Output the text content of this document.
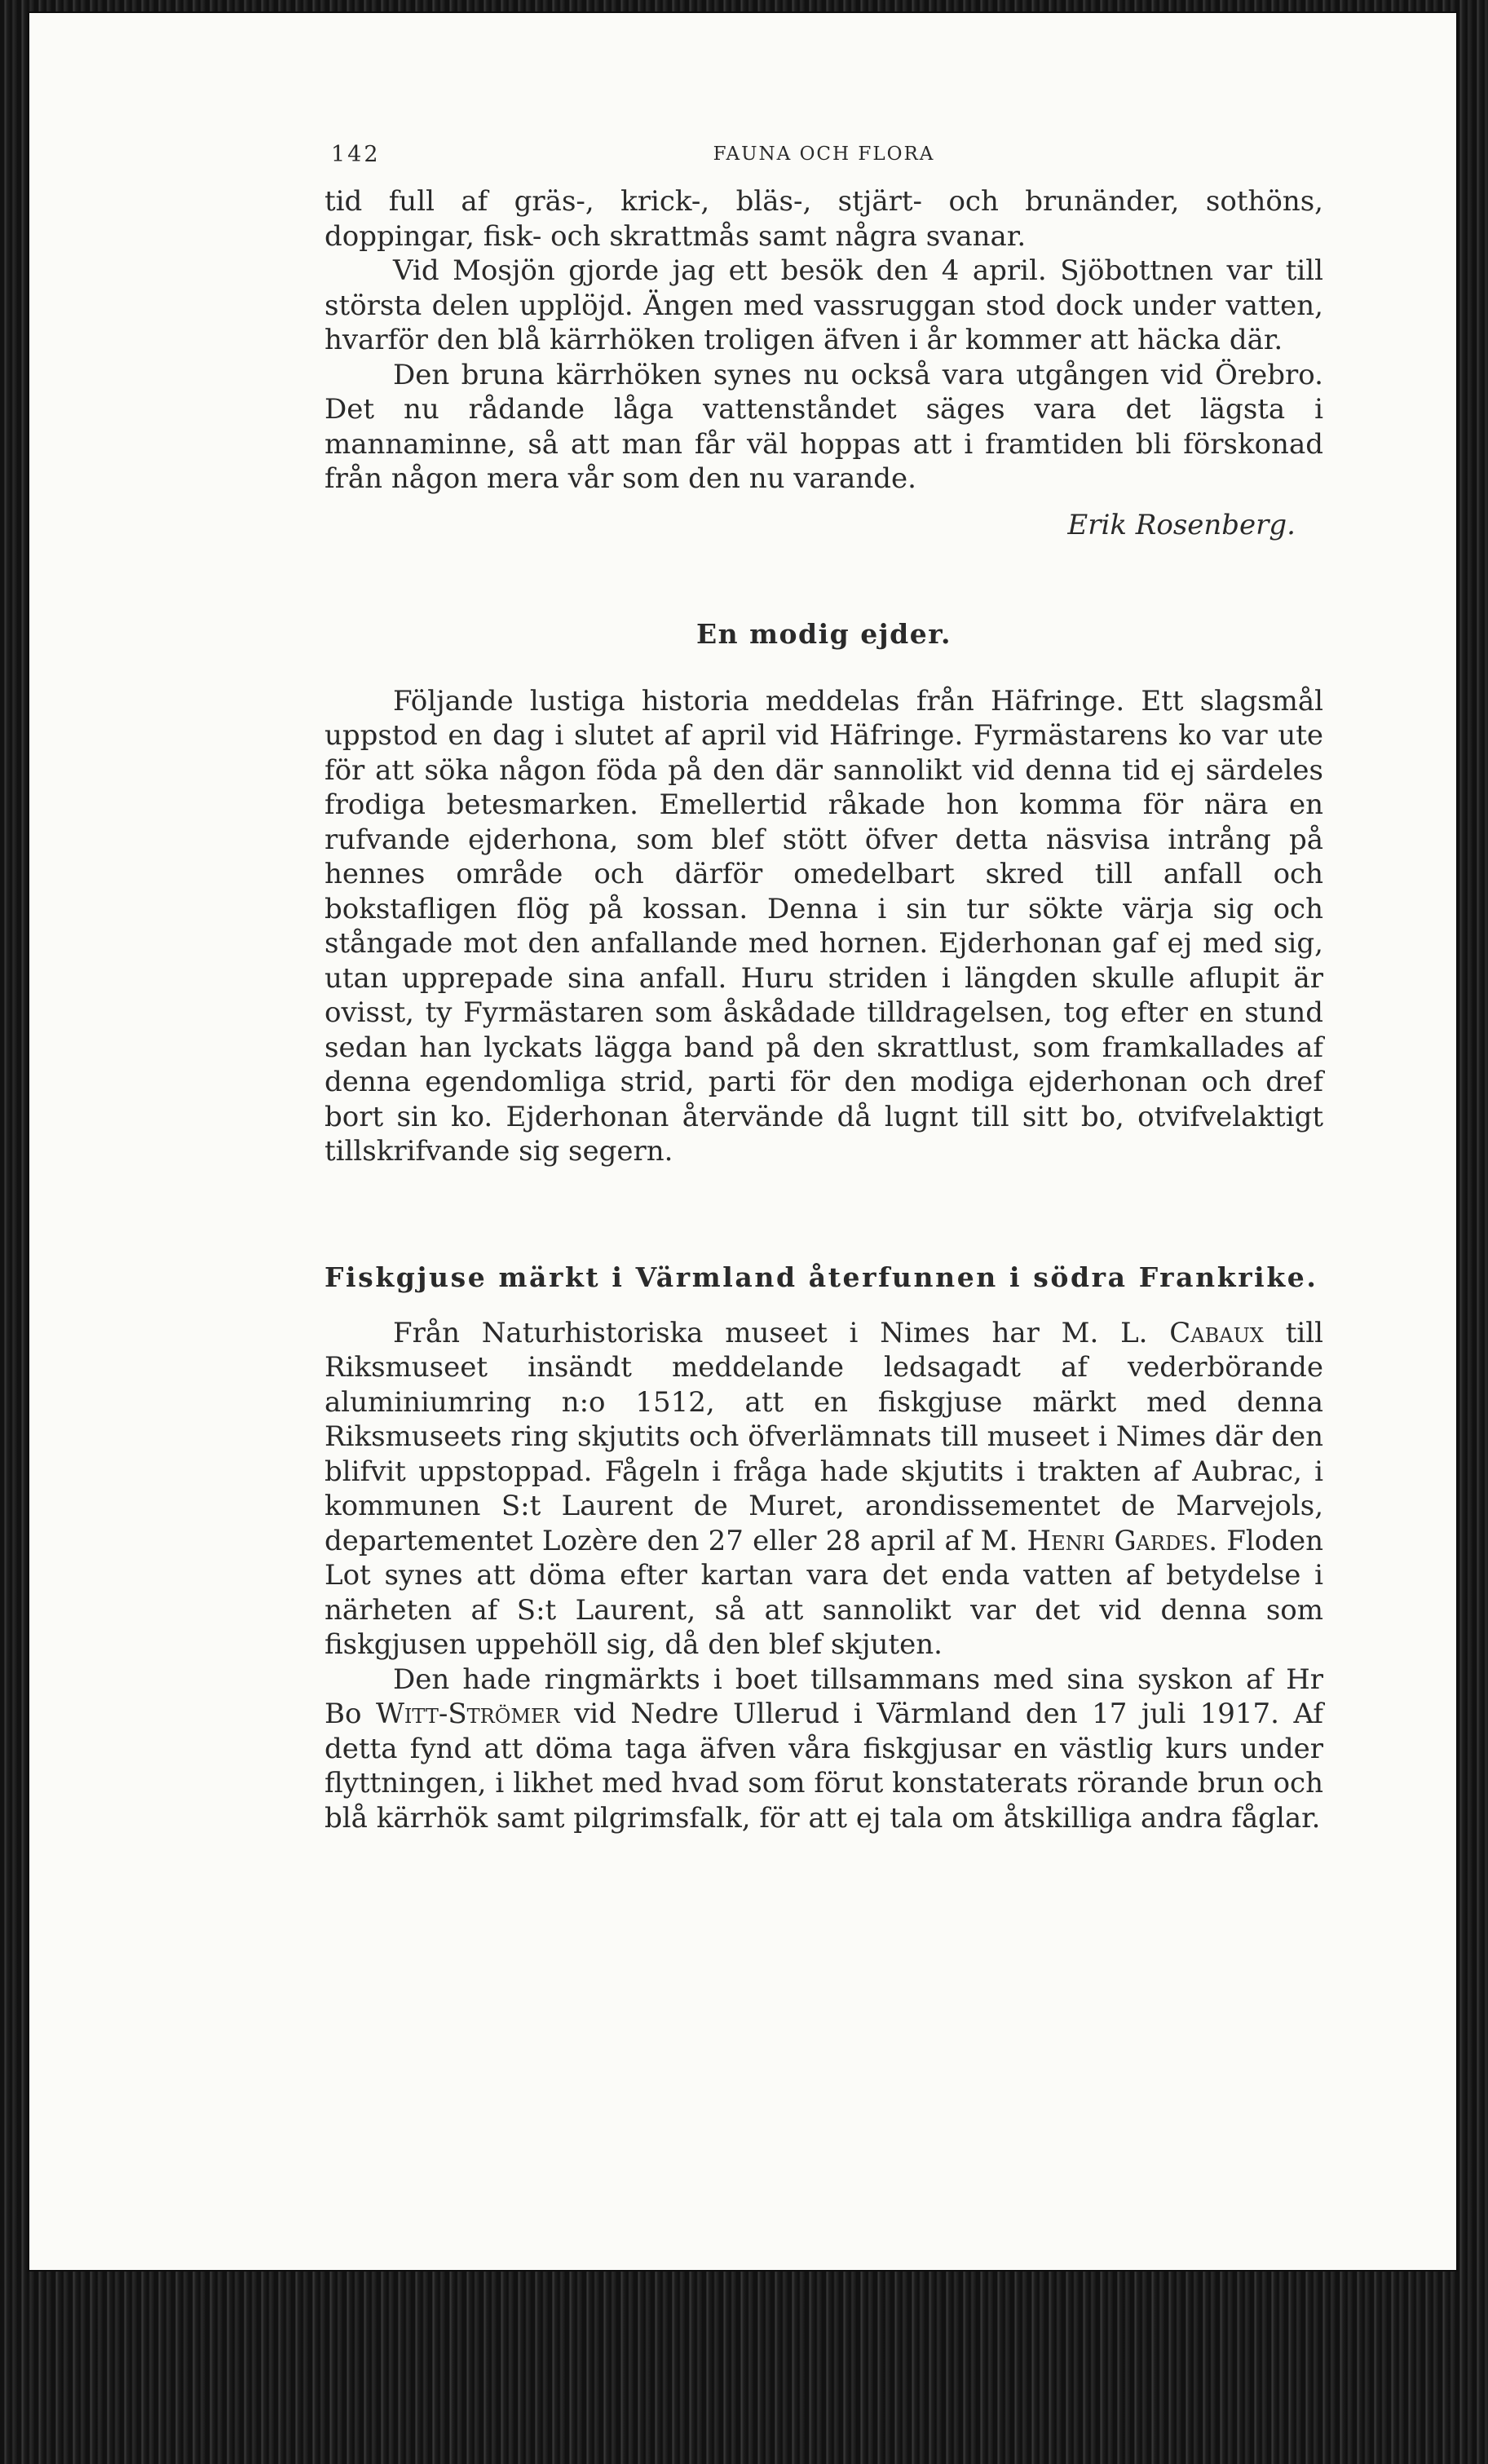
142	FAUNA OCH FLORA

tid full af gräs-, krick-, bläs-, stjärt- och brunänder, sothöns, doppingar, fisk- och skrattmås samt några svanar.

Vid Mosjön gjorde jag ett besök den 4 april. Sjöbottnen var till största delen upplöjd. Ängen med vassruggan stod dock under vatten, hvarför den blå kärrhöken troligen äfven i år kommer att häcka där.

Den bruna kärrhöken synes nu också vara utgången vid Örebro. Det nu rådande låga vattenståndet säges vara det lägsta i mannaminne, så att man får väl hoppas att i framtiden bli förskonad från någon mera vår som den nu varande.

Erik Rosenberg.
En modig ejder.

Följande lustiga historia meddelas från Häfringe. Ett slagsmål uppstod en dag i slutet af april vid Häfringe. Fyrmästarens ko var ute för att söka någon föda på den där sannolikt vid denna tid ej särdeles frodiga betesmarken. Emellertid råkade hon komma för nära en rufvande ejderhona, som blef stött öfver detta näsvisa intrång på hennes område och därför omedelbart skred till anfall och bokstafligen flög på kossan. Denna i sin tur sökte värja sig och stångade mot den anfallande med hornen. Ejderhonan gaf ej med sig, utan upprepade sina anfall. Huru striden i längden skulle aflupit är ovisst, ty Fyrmästaren som åskådade tilldragelsen, tog efter en stund sedan han lyckats lägga band på den skrattlust, som framkallades af denna egendomliga strid, parti för den modiga ejderhonan och dref bort sin ko. Ejderhonan återvände då lugnt till sitt bo, otvifvelaktigt tillskrifvande sig segern.

Fiskgjuse märkt i Värmland återfunnen i södra Frankrike.

Från Naturhistoriska museet i Nimes har M. L. Cabaux till Riksmuseet insändt meddelande ledsagadt af vederbörande aluminiumring n:o 1512, att en fiskgjuse märkt med denna Riksmuseets ring skjutits och öfverlämnats till museet i Nimes där den blifvit uppstoppad. Fågeln i fråga hade skjutits i trakten af Aubrac, i kommunen S:t Laurent de Muret, arondissementet de Marvejols, departementet Lozère den 27 eller 28 april af M. Henri Gardes. Floden Lot synes att döma efter kartan vara det enda vatten af betydelse i närheten af S:t Laurent, så att sannolikt var det vid denna som fiskgjusen uppehöll sig, då den blef skjuten.

Den hade ringmärkts i boet tillsammans med sina syskon af Hr Bo Witt-Strömer vid Nedre Ullerud i Värmland den 17 juli 1917. Af detta fynd att döma taga äfven våra fiskgjusar en västlig kurs under flyttningen, i likhet med hvad som förut konstaterats rörande brun och blå kärrhök samt pilgrimsfalk, för att ej tala om åtskilliga andra fåglar.
